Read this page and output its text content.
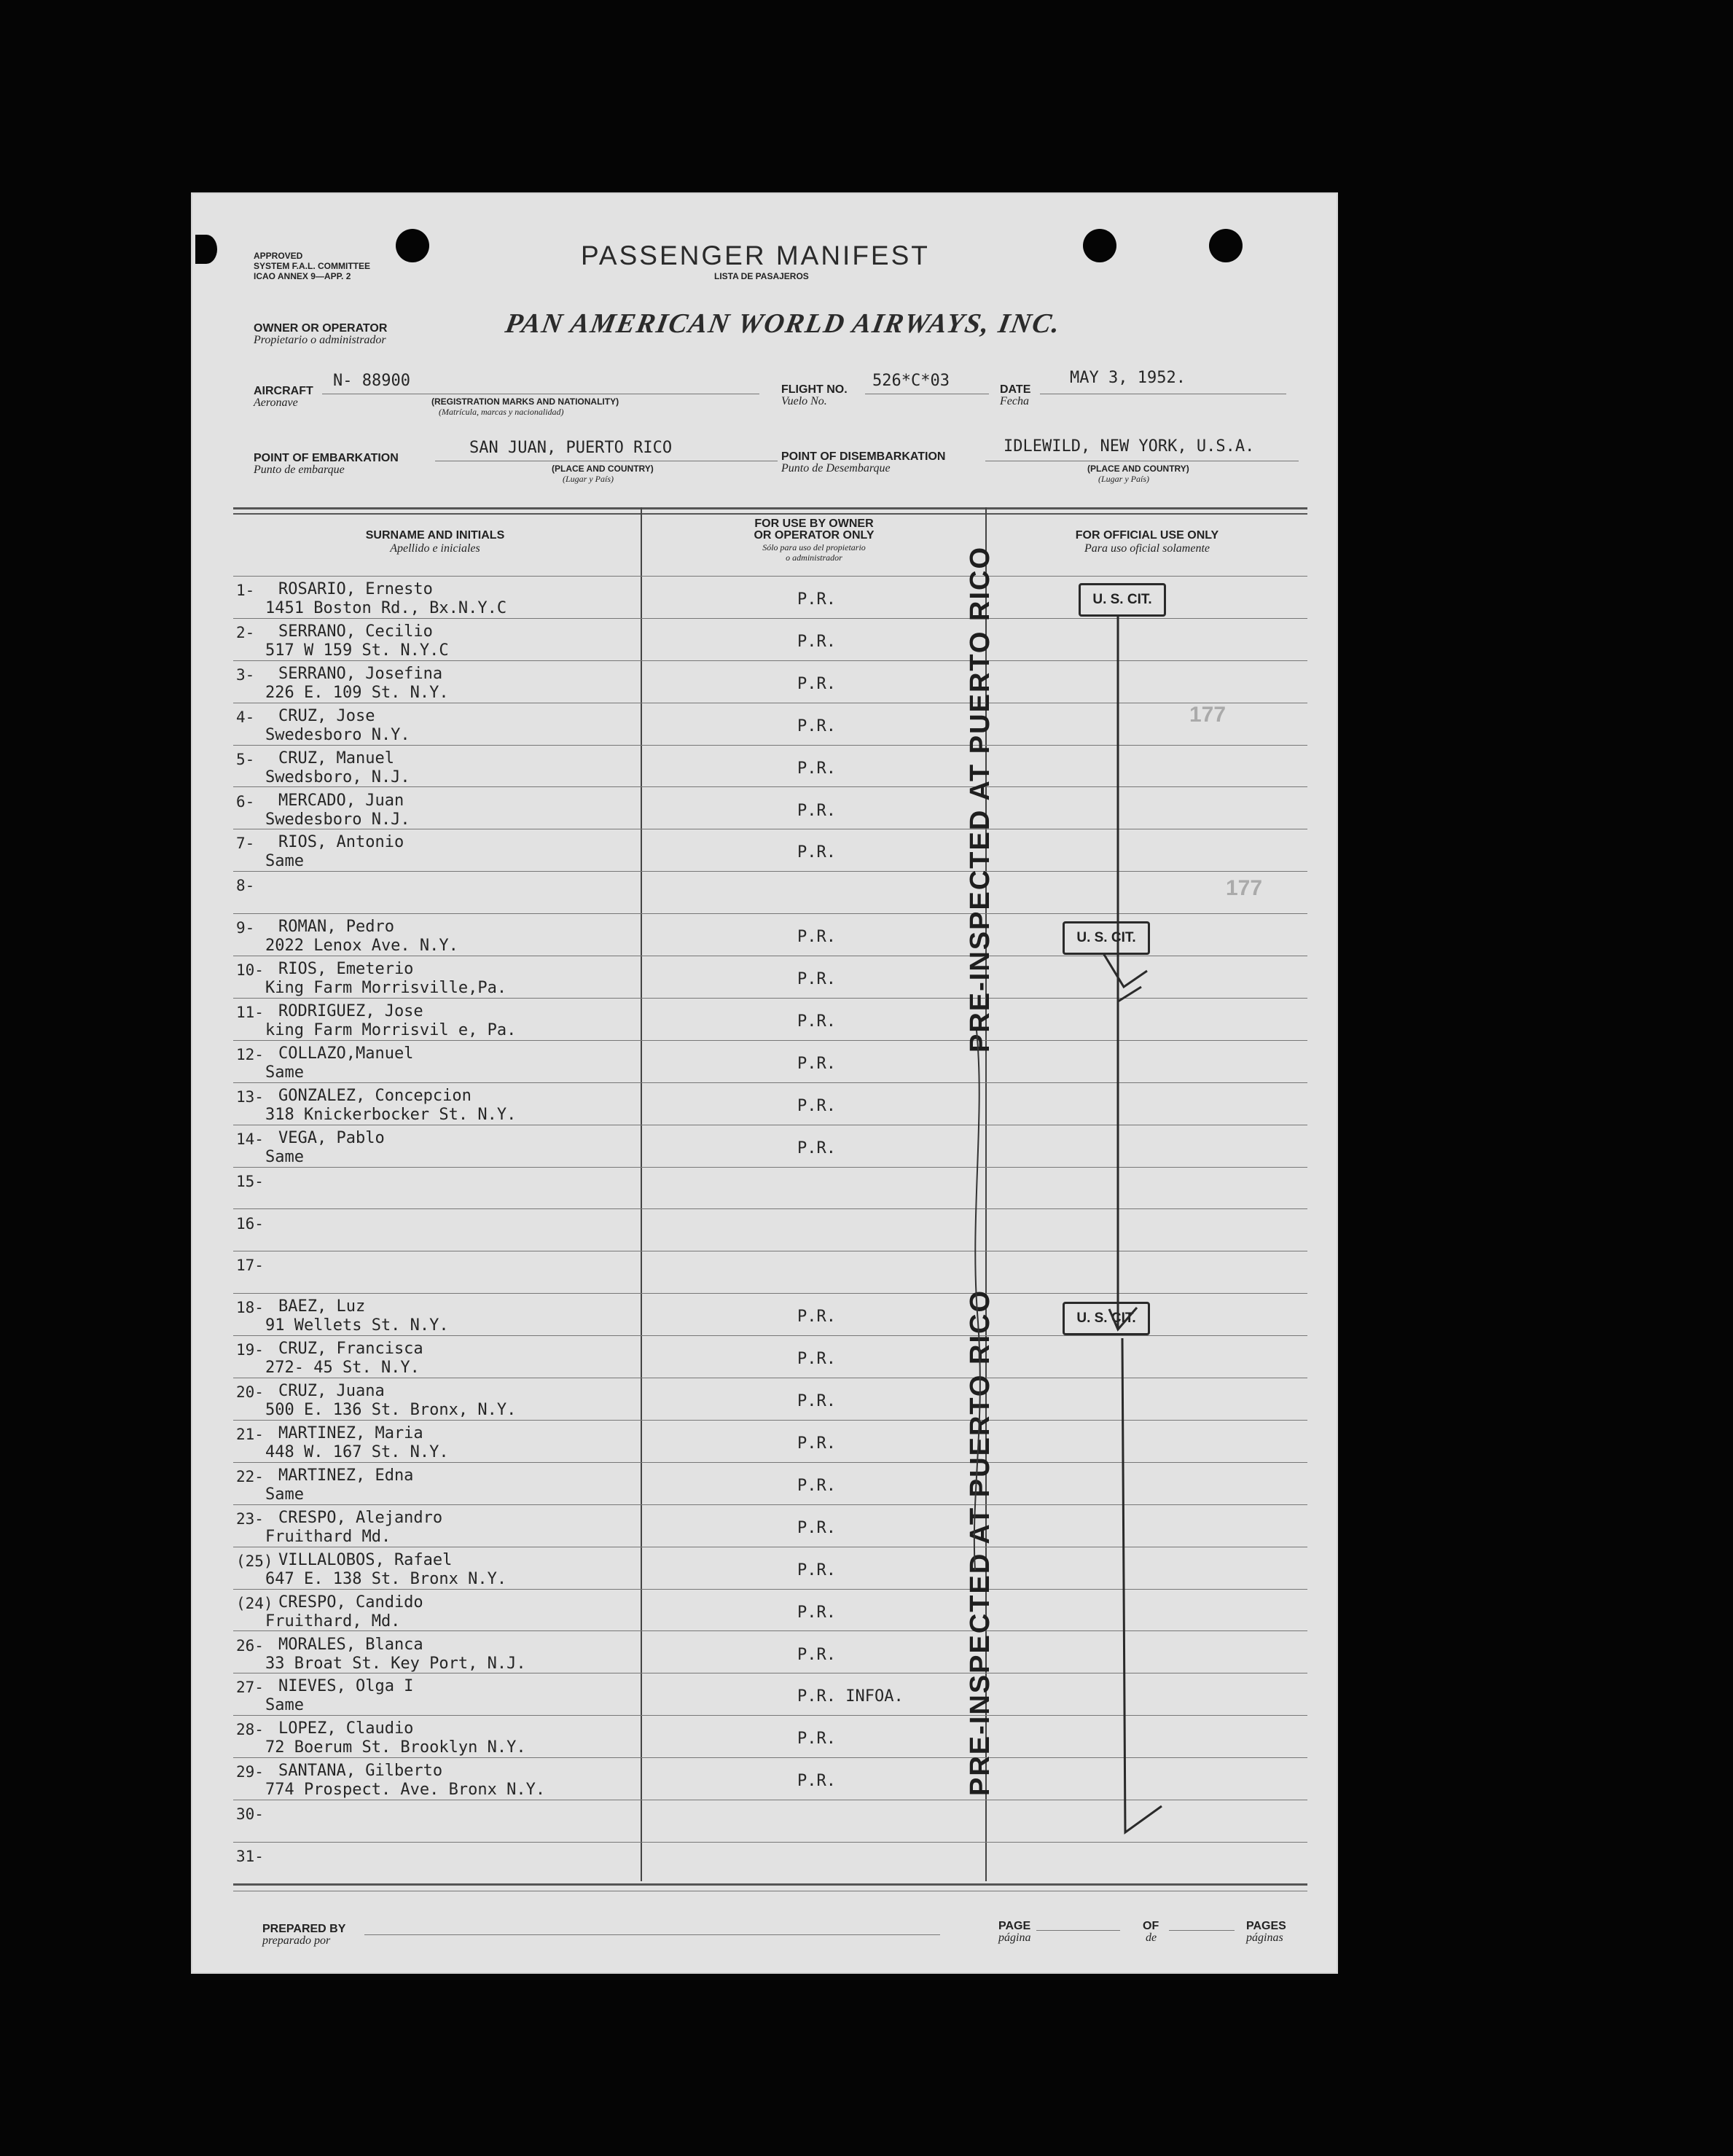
APPROVED
SYSTEM F.A.L. COMMITTEE
ICAO ANNEX 9—APP. 2
PASSENGER MANIFEST
LISTA DE PASAJEROS
OWNER OR OPERATOR
Propietario o administrador
PAN AMERICAN WORLD AIRWAYS, INC.
AIRCRAFT
Aeronave
N- 88900
(REGISTRATION MARKS AND NATIONALITY)
(Matrícula, marcas y nacionalidad)
FLIGHT NO.
Vuelo No.
526*C*03	DATE
Fecha
MAY 3, 1952.
POINT OF EMBARKATION
Punto de embarque
SAN JUAN, PUERTO RICO
(PLACE AND COUNTRY)
(Lugar y País)
POINT OF DISEMBARKATION
Punto de Desembarque
IDLEWILD, NEW YORK, U.S.A.
(PLACE AND COUNTRY)
(Lugar y País)
SURNAME AND INITIALS
Apellido e iniciales
FOR USE BY OWNER
OR OPERATOR ONLY
Sólo para uso del propietario
o administrador
FOR OFFICIAL USE ONLY
Para uso oficial solamente
1- ROSARIO, Ernesto
1451 Boston Rd., Bx.N.Y.C	P.R.
2- SERRANO, Cecilio
517 W 159 St. N.Y.C	P.R.
3- SERRANO, Josefina
226 E. 109 St. N.Y.	P.R.
4- CRUZ, Jose
Swedesboro N.Y.	P.R.
5- CRUZ, Manuel
Swedsboro, N.J.	P.R.
6- MERCADO, Juan
Swedesboro N.J.	P.R.
7- RIOS, Antonio
Same	P.R.
8-
9- ROMAN, Pedro
2022 Lenox Ave. N.Y.	P.R.
10- RIOS, Emeterio
King Farm Morrisville,Pa.	P.R.
11- RODRIGUEZ, Jose
king Farm Morrisvil e, Pa.	P.R.
12- COLLAZO,Manuel
Same	P.R.
13- GONZALEZ, Concepcion
318 Knickerbocker St. N.Y.	P.R.
14- VEGA, Pablo
Same	P.R.
15-
16-
17-
18- BAEZ, Luz
91 Wellets St. N.Y.	P.R.
19- CRUZ, Francisca
272- 45 St. N.Y.	P.R.
20- CRUZ, Juana
500 E. 136 St. Bronx, N.Y.	P.R.
21- MARTINEZ, Maria
448 W. 167 St. N.Y.	P.R.
22- MARTINEZ, Edna
Same	P.R.
23- CRESPO, Alejandro
Fruithard Md.	P.R.
(25) VILLALOBOS, Rafael
647 E. 138 St. Bronx N.Y.	P.R.
(24) CRESPO, Candido
Fruithard, Md.	P.R.
26- MORALES, Blanca
33 Broat St. Key Port, N.J.	P.R.
27- NIEVES, Olga I
Same	P.R. INFOA.
28- LOPEZ, Claudio
72 Boerum St. Brooklyn N.Y.	P.R.
29- SANTANA, Gilberto
774 Prospect. Ave. Bronx N.Y.	P.R.
30-
31-
U. S. CIT.
U. S. CIT.
U. S. CIT.
177
177
PRE-INSPECTED AT PUERTO RICO
PRE-INSPECTED AT PUERTO RICO
PREPARED BY
preparado por
PAGE
página
OF
de
PAGES
páginas
